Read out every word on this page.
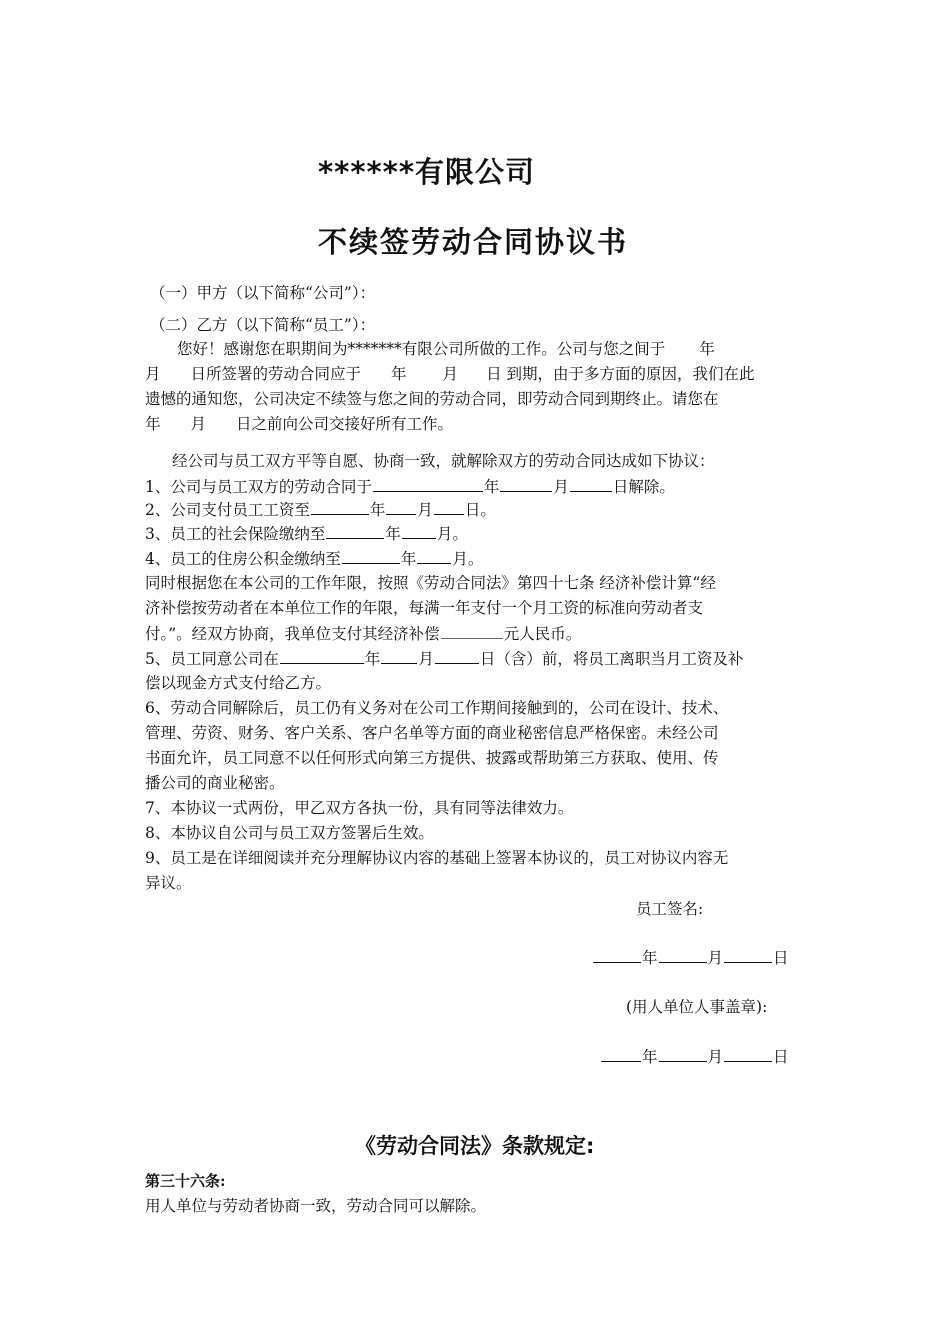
******有限公司
不续签劳动合同协议书
（一）甲方（以下简称“公司”）：
（二）乙方（以下简称“员工”）：
您好！感谢您在职期间为*******有限公司所做的工作。公司与您之间于 年
月 日所签署的劳动合同应于 年 月 日 到期，由于多方面的原因，我们在此
遗憾的通知您，公司决定不续签与您之间的劳动合同，即劳动合同到期终止。请您在
年 月 日之前向公司交接好所有工作。
经公司与员工双方平等自愿、协商一致，就解除双方的劳动合同达成如下协议：
1、公司与员工双方的劳动合同于	年	月	日解除。
2、公司支付员工工资至	年 月 日。
3、员工的社会保险缴纳至	年 月。
4、员工的住房公积金缴纳至	年 月。
同时根据您在本公司的工作年限，按照《劳动合同法》第四十七条 经济补偿计算“经
济补偿按劳动者在本单位工作的年限，每满一年支付一个月工资的标准向劳动者支
付。”。经双方协商，我单位支付其经济补偿	元人民币。
5、员工同意公司在	年 月	日（含）前，将员工离职当月工资及补
偿以现金方式支付给乙方。
6、劳动合同解除后，员工仍有义务对在公司工作期间接触到的，公司在设计、技术、
管理、劳资、财务、客户关系、客户名单等方面的商业秘密信息严格保密。未经公司
书面允许，员工同意不以任何形式向第三方提供、披露或帮助第三方获取、使用、传
播公司的商业秘密。
7、本协议一式两份，甲乙双方各执一份，具有同等法律效力。
8、本协议自公司与员工双方签署后生效。
9、员工是在详细阅读并充分理解协议内容的基础上签署本协议的，员工对协议内容无
异议。
员工签名:
年	月	日
(用人单位人事盖章):
年	月	日
《劳动合同法》条款规定:
第三十六条:
用人单位与劳动者协商一致，劳动合同可以解除。
